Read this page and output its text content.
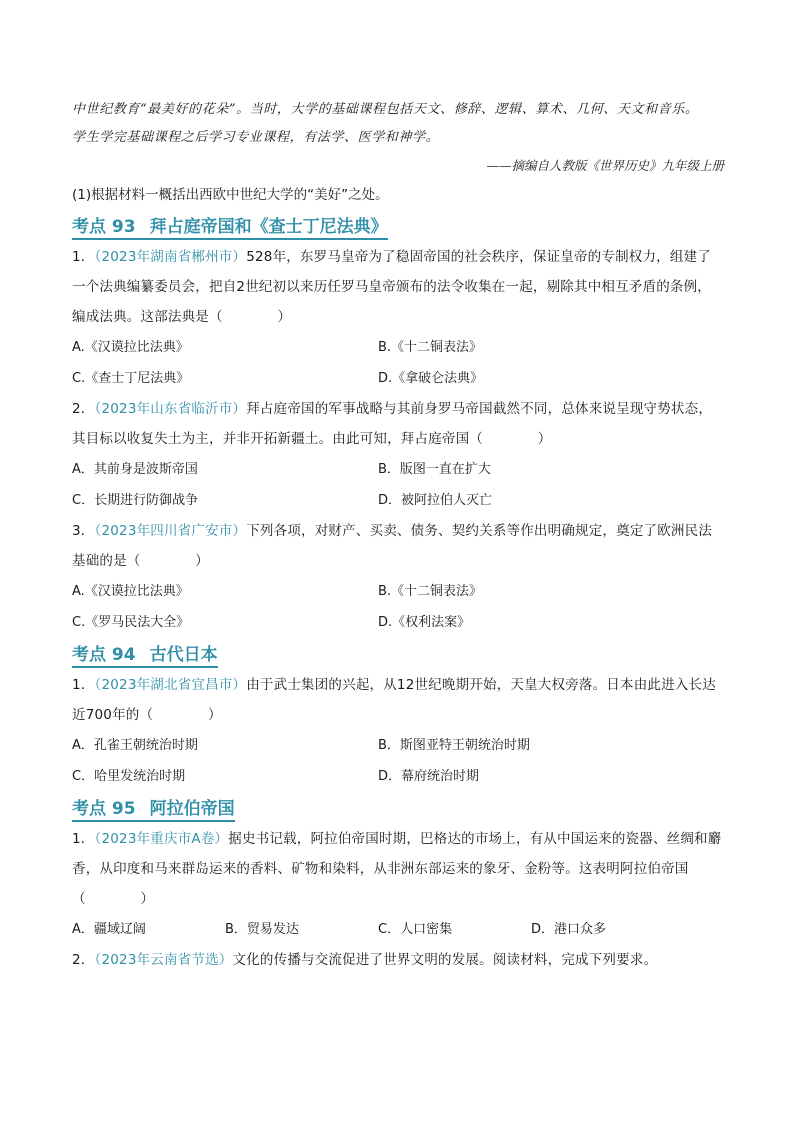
中世纪教育“最美好的花朵”。当时，大学的基础课程包括天文、修辞、逻辑、算术、几何、天文和音乐。
学生学完基础课程之后学习专业课程，有法学、医学和神学。
——摘编自人教版《世界历史》九年级上册
(1)根据材料一概括出西欧中世纪大学的“美好”之处。
考点 93 拜占庭帝国和《查士丁尼法典》
1．（2023年湖南省郴州市）528年，东罗马皇帝为了稳固帝国的社会秩序，保证皇帝的专制权力，组建了一个法典编纂委员会，把自2世纪初以来历任罗马皇帝颁布的法令收集在一起，剔除其中相互矛盾的条例，编成法典。这部法典是（　　　　）
A.《汉谟拉比法典》	B.《十二铜表法》
C.《查士丁尼法典》	D.《拿破仑法典》
2．（2023年山东省临沂市）拜占庭帝国的军事战略与其前身罗马帝国截然不同，总体来说呈现守势状态，其目标以收复失土为主，并非开拓新疆土。由此可知，拜占庭帝国（　　　　）
A．其前身是波斯帝国	B．版图一直在扩大
C．长期进行防御战争	D．被阿拉伯人灭亡
3．（2023年四川省广安市）下列各项，对财产、买卖、债务、契约关系等作出明确规定，奠定了欧洲民法基础的是（　　　　）
A.《汉谟拉比法典》	B.《十二铜表法》
C.《罗马民法大全》	D.《权利法案》
考点 94 古代日本
1．（2023年湖北省宜昌市）由于武士集团的兴起，从12世纪晚期开始，天皇大权旁落。日本由此进入长达近700年的（　　　　）
A．孔雀王朝统治时期	B．斯图亚特王朝统治时期
C．哈里发统治时期	D．幕府统治时期
考点 95 阿拉伯帝国
1．（2023年重庆市A卷）据史书记载，阿拉伯帝国时期，巴格达的市场上，有从中国运来的瓷器、丝绸和麝香，从印度和马来群岛运来的香料、矿物和染料，从非洲东部运来的象牙、金粉等。这表明阿拉伯帝国（　　　　）
A．疆域辽阔	B．贸易发达	C．人口密集	D．港口众多
2．（2023年云南省节选）文化的传播与交流促进了世界文明的发展。阅读材料，完成下列要求。
